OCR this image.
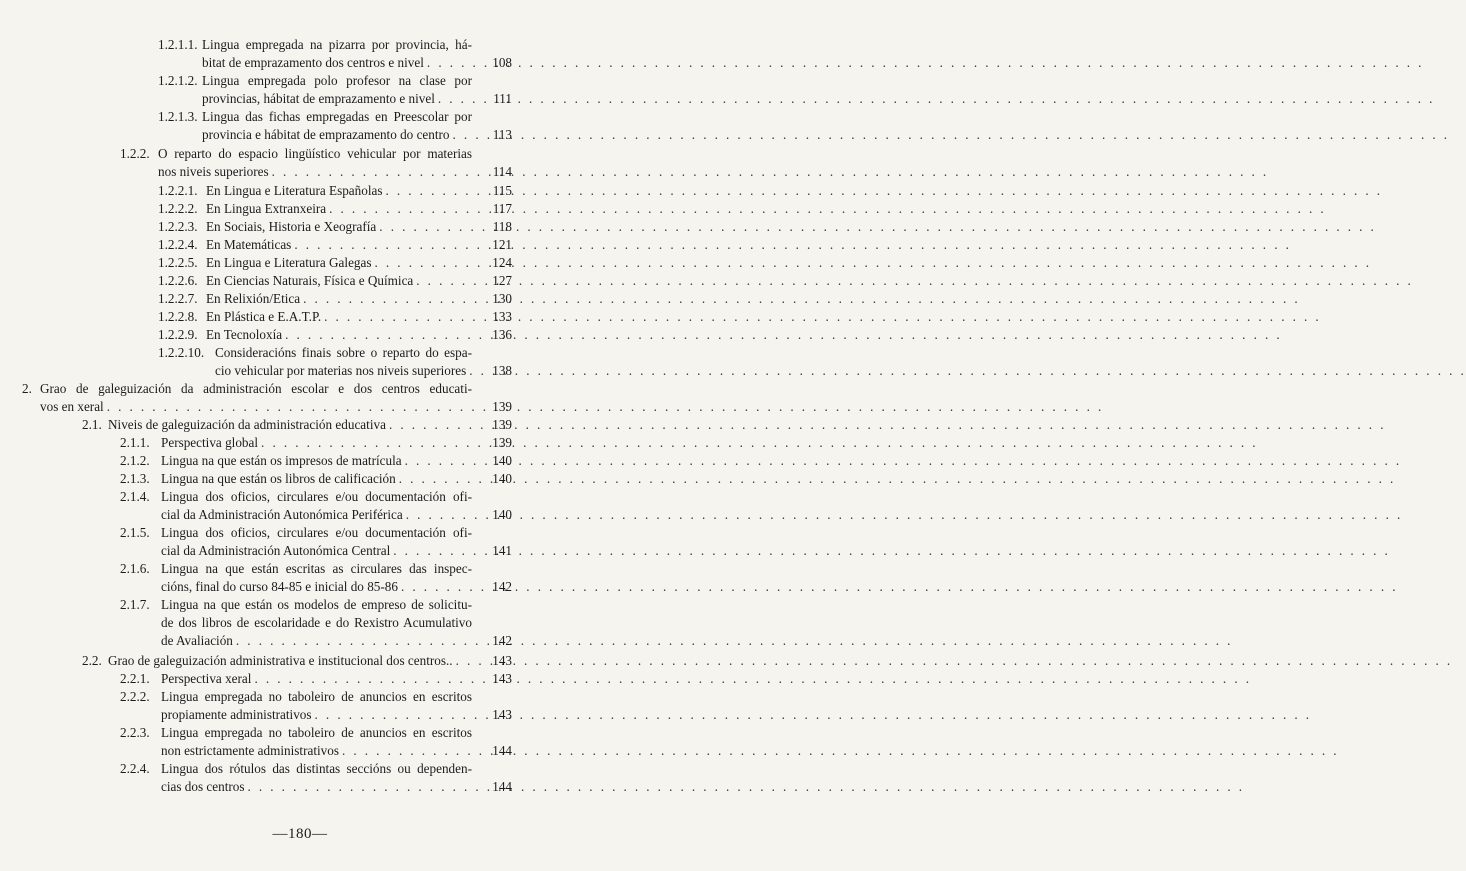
1.2.1.1. Lingua empregada na pizarra por provincia, há-
bitat de emprazamento dos centros e nivel . . .	108
1.2.1.2. Lingua empregada polo profesor na clase por
provincias, hábitat de emprazamento e nivel . . .	111
1.2.1.3. Lingua das fichas empregadas en Preescolar por
provincia e hábitat de emprazamento do centro . . .	113
1.2.2. O reparto do espacio lingüístico vehicular por materias
nos niveis superiores . . .	114
1.2.2.1. En Lingua e Literatura Españolas . . .	115
1.2.2.2. En Lingua Extranxeira . . .	117
1.2.2.3. En Sociais, Historia e Xeografía . . .	118
1.2.2.4. En Matemáticas . . .	121
1.2.2.5. En Lingua e Literatura Galegas . . .	124
1.2.2.6. En Ciencias Naturais, Física e Química . . .	127
1.2.2.7. En Relixión/Etica . . .	130
1.2.2.8. En Plástica e E.A.T.P. . . .	133
1.2.2.9. En Tecnoloxía . . .	136
1.2.2.10. Consideracións finais sobre o reparto do espa-
cio vehicular por materias nos niveis superiores . . .	138
2. Grao de galeguización da administración escolar e dos centros educati-
vos en xeral . . .	139
2.1. Niveis de galeguización da administración educativa . . .	139
2.1.1. Perspectiva global . . .	139
2.1.2. Lingua na que están os impresos de matrícula . . .	140
2.1.3. Lingua na que están os libros de calificación . . .	140
2.1.4. Lingua dos oficios, circulares e/ou documentación ofi-
cial da Administración Autonómica Periférica . . .	140
2.1.5. Lingua dos oficios, circulares e/ou documentación ofi-
cial da Administración Autonómica Central . . .	141
2.1.6. Lingua na que están escritas as circulares das inspec-
cións, final do curso 84-85 e inicial do 85-86 . . .	142
2.1.7. Lingua na que están os modelos de empreso de solicitu-
de dos libros de escolaridade e do Rexistro Acumulativo
de Avaliación . . .	142
2.2. Grao de galeguización administrativa e institucional dos centros.. . . .	143
2.2.1. Perspectiva xeral . . .	143
2.2.2. Lingua empregada no taboleiro de anuncios en escritos
propiamente administrativos . . .	143
2.2.3. Lingua empregada no taboleiro de anuncios en escritos
non estrictamente administrativos . . .	144
2.2.4. Lingua dos rótulos das distintas seccións ou dependen-
cias dos centros . . .	144
—180—
